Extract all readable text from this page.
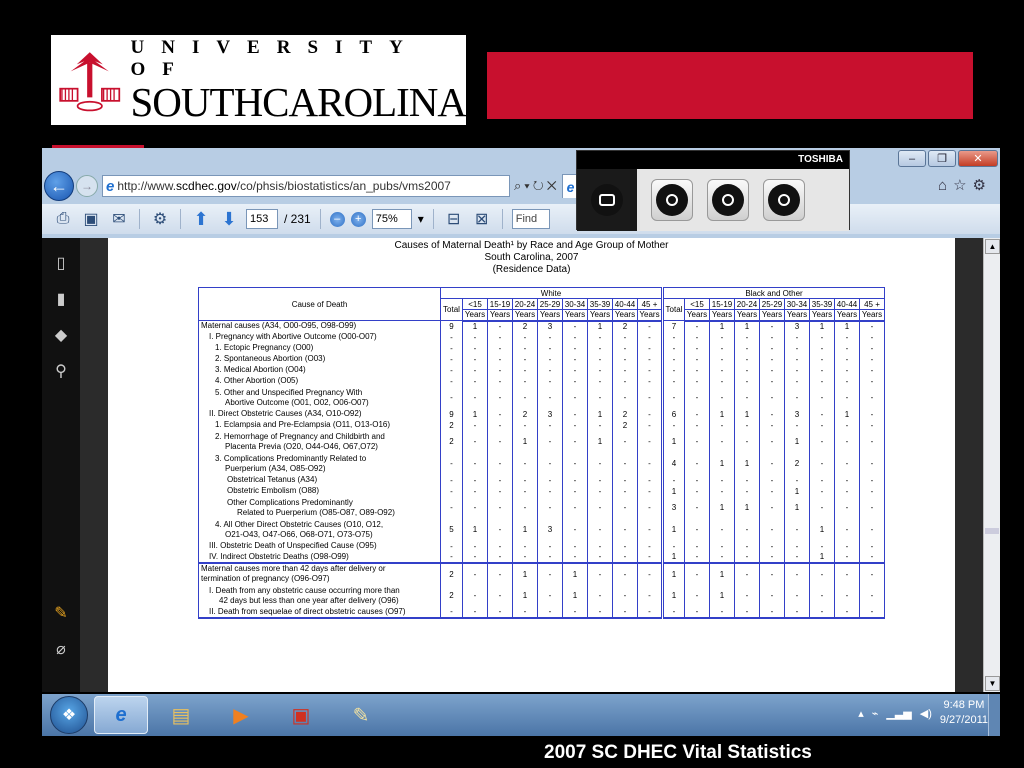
UNIVERSITY OF
SOUTHCAROLINA
–	❐	✕
←	→ e http://www. scdhec.gov /co/phsis/biostatistics/an_pubs/vms2007	⌕▾↻✕ e	⌂☆⚙
⎙ ▣ ✉ ⚙ ⬆ ⬇	153	/ 231	–	+	75%	▾ ⊟ ⊠	Find
TOSHIBA
▯
▮
◆
⚲
✎
⌀
Causes of Maternal Death¹ by Race and Age Group of Mother
South Carolina, 2007
(Residence Data)
Cause of Death	White									Black and Other								
	Total	<15	15-19	20-24	25-29	30-34	35-39	40-44	45 +	Total	<15	15-19	20-24	25-29	30-34	35-39	40-44	45 +
		Years	Years	Years	Years	Years	Years	Years	Years		Years	Years	Years	Years	Years	Years	Years	Years
Maternal causes (A34, O00-O95, O98-O99)	9	1	-	2	3	-	1	2	-	7	-	1	1	-	3	1	1	-
I. Pregnancy with Abortive Outcome (O00-O07)	-	-	-	-	-	-	-	-	-	-	-	-	-	-	-	-	-	-
1. Ectopic Pregnancy (O00)	-	-	-	-	-	-	-	-	-	-	-	-	-	-	-	-	-	-
2. Spontaneous Abortion (O03)	-	-	-	-	-	-	-	-	-	-	-	-	-	-	-	-	-	-
3. Medical Abortion (O04)	-	-	-	-	-	-	-	-	-	-	-	-	-	-	-	-	-	-
4. Other Abortion (O05)	-	-	-	-	-	-	-	-	-	-	-	-	-	-	-	-	-	-
5. Other and Unspecified Pregnancy With
Abortive Outcome (O01, O02, O06-O07)	-	-	-	-	-	-	-	-	-	-	-	-	-	-	-	-	-	-
II. Direct Obstetric Causes (A34, O10-O92)	9	1	-	2	3	-	1	2	-	6	-	1	1	-	3	-	1	-
1. Eclampsia and Pre-Eclampsia (O11, O13-O16)	2	-	-	-	-	-	-	2	-	-	-	-	-	-	-	-	-	-
2. Hemorrhage of Pregnancy and Childbirth and
Placenta Previa (O20, O44-O46, O67,O72)	2	-	-	1	-	-	1	-	-	1	-	-	-	-	1	-	-	-
3. Complications Predominantly Related to
Puerperium (A34, O85-O92)	-	-	-	-	-	-	-	-	-	4	-	1	1	-	2	-	-	-
Obstetrical Tetanus (A34)	-	-	-	-	-	-	-	-	-	-	-	-	-	-	-	-	-	-
Obstetric Embolism (O88)	-	-	-	-	-	-	-	-	-	1	-	-	-	-	1	-	-	-
Other Complications Predominantly
Related to Puerperium (O85-O87, O89-O92)	-	-	-	-	-	-	-	-	-	3	-	1	1	-	1	-	-	-
4. All Other Direct Obstetric Causes (O10, O12,
O21-O43, O47-O66, O68-O71, O73-O75)	5	1	-	1	3	-	-	-	-	1	-	-	-	-	-	1	-	-
III. Obstetric Death of Unspecified Cause (O95)	-	-	-	-	-	-	-	-	-	-	-	-	-	-	-	-	-	-
IV. Indirect Obstetric Deaths (O98-O99)	-	-	-	-	-	-	-	-	-	1	-	-	-	-	-	1	-	-
Maternal causes more than 42 days after delivery or
termination of pregnancy (O96-O97)	2	-	-	1	-	1	-	-	-	1	-	1	-	-	-	-	-	-
I. Death from any obstetric cause occurring more than
42 days but less than one year after delivery (O96)	2	-	-	1	-	1	-	-	-	1	-	1	-	-	-	-	-	-
II. Death from sequelae of direct obstetric causes (O97)	-	-	-	-	-	-	-	-	-	-	-	-	-	-	-	-	-	-
▲
▼
❖	e ▤ ▶ ▣ ✎	▴ ⌁ ▁▃▅ ◀)
9:48 PM
9/27/2011
2007 SC DHEC Vital Statistics
